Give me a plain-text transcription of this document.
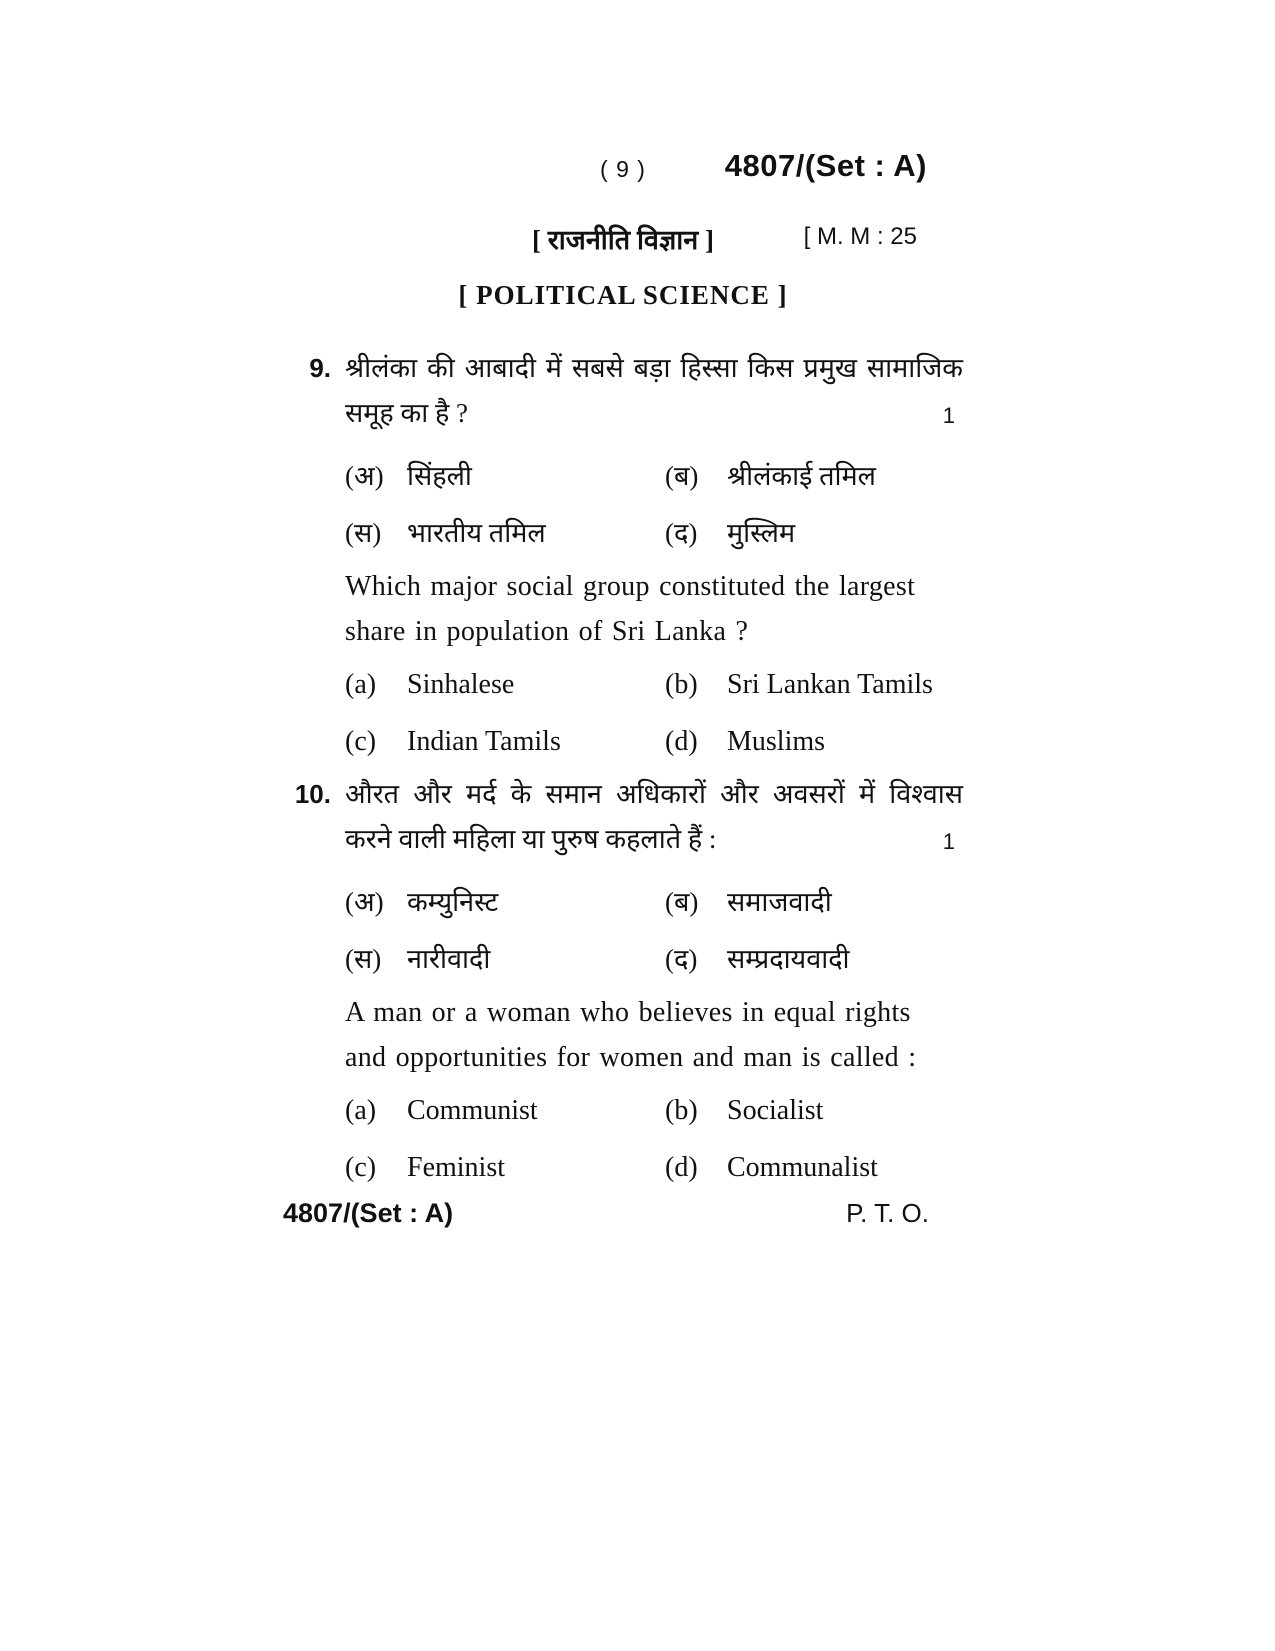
( 9 )	4807/(Set : A)
[ राजनीति विज्ञान ]	[ M. M : 25
[ POLITICAL SCIENCE ]
9. श्रीलंका की आबादी में सबसे बड़ा हिस्सा किस प्रमुख सामाजिक
समूह का है ?	1
(अ) सिंहली	(ब)	श्रीलंकाई तमिल
(स) भारतीय तमिल	(द)	मुस्लिम
Which major social group constituted the largest
share in population of Sri Lanka ?
(a)	Sinhalese	(b)	Sri Lankan Tamils
(c)	Indian Tamils	(d)	Muslims
10. औरत और मर्द के समान अधिकारों और अवसरों में विश्वास
करने वाली महिला या पुरुष कहलाते हैं :	1
(अ) कम्युनिस्ट	(ब)	समाजवादी
(स) नारीवादी	(द)	सम्प्रदायवादी
A man or a woman who believes in equal rights
and opportunities for women and man is called :
(a)	Communist	(b)	Socialist
(c)	Feminist	(d)	Communalist
4807/(Set : A)	P. T. O.
